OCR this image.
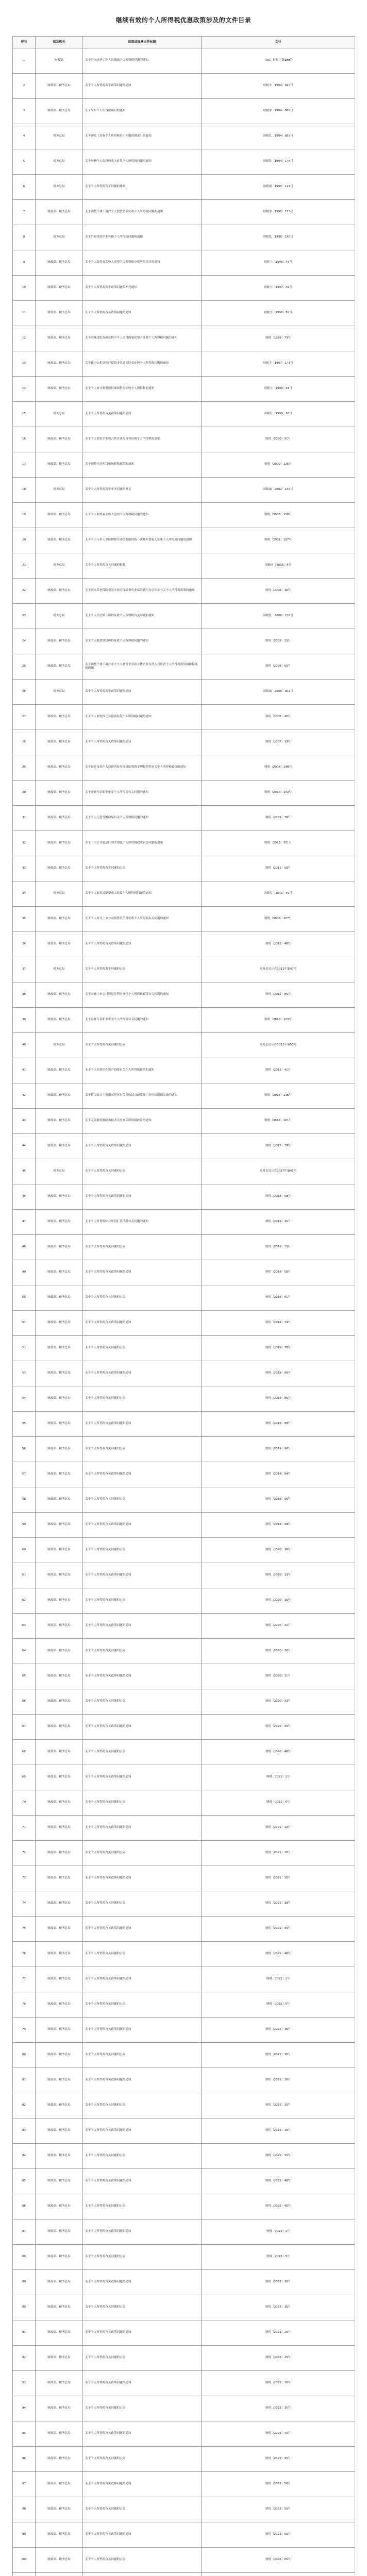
继续有效的个人所得税优惠政策涉及的文件目录
序号	制发机关	政策或规章文件标题	文号
1	财政部	关于外国来华工作人员缴纳个人所得税问题的通知	（80）财税字第189号
2	财政部、税务总局	关于个人所得税若干政策问题的通知	财税字〔1994〕020号
3	财政部、税务总局	关于发布个人所得税项目的通知	财税字〔1994〕089号
4	税务总局	关于印发《征收个人所得税若干问题的规定》的通知	国税发〔1994〕089号
5	税务总局	关于外籍个人取得的收入征免个人所得税问题的通知	国税发〔1994〕148号
6	税务总局	关于个人所得税若干问题的通知	国税函〔1995〕125号
7	财政部、税务总局	关于调整个体工商户个人独资企业征收个人所得税问题的通知	财税字〔1995〕155号
8	税务总局	关于外商投资企业外籍个人所得税问题的通知	国税发〔1996〕148号
9	财政部、税务总局	关于个人取得有关收入适用个人所得税应税所得项目的通知	财税字〔1996〕45号
10	财政部、税务总局	关于个人所得税若干政策问题的补充通知	财税字〔1997〕32号
11	财政部、税务总局	关于个人所得税有关政策问题的通知	财税字〔1998〕59号
12	财政部、税务总局	关于企业改组改制过程中个人取得的量化资产征收个人所得税问题的通知	财税〔1999〕73号
13	财政部、税务总局	关于住房公积金医疗保险金养老保险金征收个人所得税问题的通知	财税字〔1997〕144号
14	财政部、税务总局	关于个人转让股票所得继续暂免征收个人所得税的通知	财税字〔1998〕61号
15	税务总局	关于个人所得税有关政策问题的通知	国税发〔1999〕58号
16	财政部、税务总局	关于个人独资企业和合伙企业投资者征收个人所得税的规定	财税〔2000〕91号
17	财政部、税务总局	关于调整住房租赁市场税收政策的通知	财税〔2000〕125号
18	税务总局	关于个人所得税若干业务问题的批复	国税函〔2002〕146号
19	财政部、税务总局	关于个人取得有关收入适用个人所得税问题的通知	财税〔2003〕158号
20	财政部、税务总局	关于个人与用人单位解除劳动关系取得的一次性补偿收入征免个人所得税问题的通知	财税〔2001〕157号
21	税务总局	关于个人所得税有关问题的批复	国税函〔2005〕8号
22	财政部、税务总局	关于基本养老保险费基本医疗保险费失业保险费住房公积金有关个人所得税政策的通知	财税〔2006〕10号
23	税务总局	关于个人住房转让所得征收个人所得税有关问题的通知	国税发〔2006〕108号
24	财政部、税务总局	关于个人股票期权所得征收个人所得税问题的通知	财税〔2005〕35号
25	财政部、税务总局	关于调整个体工商户业主个人独资企业和合伙企业自然人投资者个人所得税费用扣除标准的通知	财税〔2008〕65号
26	税务总局	关于个人所得税若干政策问题的通知	国税函〔2006〕902号
27	财政部、税务总局	关于个人取得拆迁补偿款征免个人所得税问题的通知	财税〔2005〕45号
28	财政部、税务总局	关于个人所得税有关政策问题的通知	财税〔2007〕13号
29	财政部、税务总局	关于证券市场个人投资者证券交易结算资金利息所得有关个人所得税政策的通知	财税〔2008〕140号
30	财政部、税务总局	关于企业年金职业年金个人所得税有关问题的通知	财税〔2013〕103号
31	财政部、税务总局	关于个人无偿受赠房屋有关个人所得税问题的通知	财税〔2009〕78号
32	财政部、税务总局	关于上市公司股息红利差别化个人所得税政策有关问题的通知	财税〔2015〕101号
33	财政部、税务总局	关于个人所得税若干问题的公告	财税〔2011〕50号
34	税务总局	关于个人取得退职费收入征免个人所得税问题的通知	国税发〔2011〕50号
35	财政部、税务总局	关于个人转让上市公司限售股所得征收个人所得税有关问题的通知	财税〔2009〕167号
36	财政部、税务总局	关于个人所得税有关政策问题的通知	财税〔2012〕40号
37	税务总局	关于个人所得税若干问题的公告	税务总局公告2011年第47号
38	财政部、税务总局	关于实施上市公司股息红利差别化个人所得税政策有关问题的通知	财税〔2012〕85号
39	财政部、税务总局	关于企业年金职业年金个人所得税有关问题的通知	财税〔2013〕103号
40	税务总局	关于个人所得税有关问题的公告	税务总局公告2012年第53号
41	财政部、税务总局	关于个人非货币性资产投资有关个人所得税政策的通知	财税〔2015〕41号
42	财政部、税务总局	关于将国家自主创新示范区有关税收试点政策推广到全国范围实施的通知	财税〔2015〕116号
43	财政部、税务总局	关于完善股权激励和技术入股有关所得税政策的通知	财税〔2016〕101号
44	财政部、税务总局	关于个人所得税有关政策问题的通知	财税〔2017〕39号
45	税务总局	关于个人所得税有关问题的公告	税务总局公告2017年第43号
46	财政部、税务总局	关于个人所得税有关政策问题的通知	财税〔2018〕58号
47	财政部、税务总局	关于个人所得税综合所得汇算清缴有关问题的通知	财税〔2019〕15号
48	财政部、税务总局	关于个人所得税有关问题的公告	财税〔2019〕35号
49	财政部、税务总局	关于个人所得税有关政策问题的通知	财税〔2019〕50号
50	财政部、税务总局	关于个人所得税有关问题的公告	财税〔2019〕61号
51	财政部、税务总局	关于个人所得税有关政策问题的通知	财税〔2019〕74号
52	财政部、税务总局	关于个人所得税有关问题的公告	财税〔2019〕78号
53	财政部、税务总局	关于个人所得税有关政策问题的通知	财税〔2019〕80号
54	财政部、税务总局	关于个人所得税有关问题的公告	财税〔2019〕85号
55	财政部、税务总局	关于个人所得税有关政策问题的通知	财税〔2019〕88号
56	财政部、税务总局	关于个人所得税有关问题的公告	财税〔2019〕90号
57	财政部、税务总局	关于个人所得税有关政策问题的通知	财税〔2019〕94号
58	财政部、税务总局	关于个人所得税有关问题的公告	财税〔2019〕96号
59	财政部、税务总局	关于个人所得税有关政策问题的通知	财税〔2019〕98号
60	财政部、税务总局	关于个人所得税有关问题的公告	财税〔2020〕10号
61	财政部、税务总局	关于个人所得税有关政策问题的通知	财税〔2020〕13号
62	财政部、税务总局	关于个人所得税有关问题的公告	财税〔2020〕15号
63	财政部、税务总局	关于个人所得税有关政策问题的通知	财税〔2020〕22号
64	财政部、税务总局	关于个人所得税有关问题的公告	财税〔2020〕30号
65	财政部、税务总局	关于个人所得税有关政策问题的通知	财税〔2020〕31号
66	财政部、税务总局	关于个人所得税有关问题的公告	财税〔2020〕33号
67	财政部、税务总局	关于个人所得税有关政策问题的通知	财税〔2020〕35号
68	财政部、税务总局	关于个人所得税有关问题的公告	财税〔2020〕40号
69	财政部、税务总局	关于个人所得税有关政策问题的通知	财税〔2021〕1号
70	财政部、税务总局	关于个人所得税有关问题的公告	财税〔2021〕6号
71	财政部、税务总局	关于个人所得税有关政策问题的通知	财税〔2021〕12号
72	财政部、税务总局	关于个人所得税有关问题的公告	财税〔2021〕20号
73	财政部、税务总局	关于个人所得税有关政策问题的通知	财税〔2021〕25号
74	财政部、税务总局	关于个人所得税有关问题的公告	财税〔2021〕30号
75	财政部、税务总局	关于个人所得税有关政策问题的通知	财税〔2021〕35号
76	财政部、税务总局	关于个人所得税有关问题的公告	财税〔2021〕40号
77	财政部、税务总局	关于个人所得税有关政策问题的通知	财税〔2022〕1号
78	财政部、税务总局	关于个人所得税有关问题的公告	财税〔2022〕5号
79	财政部、税务总局	关于个人所得税有关政策问题的通知	财税〔2022〕10号
80	财政部、税务总局	关于个人所得税有关问题的公告	财税〔2022〕15号
81	财政部、税务总局	关于个人所得税有关政策问题的通知	财税〔2022〕20号
82	财政部、税务总局	关于个人所得税有关问题的公告	财税〔2022〕25号
83	财政部、税务总局	关于个人所得税有关政策问题的通知	财税〔2022〕30号
84	财政部、税务总局	关于个人所得税有关问题的公告	财税〔2022〕35号
85	财政部、税务总局	关于个人所得税有关政策问题的通知	财税〔2022〕40号
86	财政部、税务总局	关于个人所得税有关问题的公告	财税〔2022〕45号
87	财政部、税务总局	关于个人所得税有关政策问题的通知	财税〔2023〕1号
88	财政部、税务总局	关于个人所得税有关问题的公告	财税〔2023〕5号
89	财政部、税务总局	关于个人所得税有关政策问题的通知	财税〔2023〕10号
90	财政部、税务总局	关于个人所得税有关问题的公告	财税〔2023〕15号
91	财政部、税务总局	关于个人所得税有关政策问题的通知	财税〔2023〕20号
92	财政部、税务总局	关于个人所得税有关问题的公告	财税〔2023〕25号
93	财政部、税务总局	关于个人所得税有关政策问题的通知	财税〔2023〕30号
94	财政部、税务总局	关于个人所得税有关问题的公告	财税〔2023〕35号
95	财政部、税务总局	关于个人所得税有关政策问题的通知	财税〔2023〕40号
96	财政部、税务总局	关于个人所得税有关问题的公告	财税〔2023〕45号
97	财政部、税务总局	关于个人所得税有关政策问题的通知	财税〔2023〕50号
98	财政部、税务总局	关于个人所得税有关问题的公告	财税〔2023〕55号
99	财政部、税务总局	关于个人所得税有关政策问题的通知	财税〔2023〕60号
100	财政部、税务总局	关于个人所得税有关问题的公告	财税〔2023〕65号
